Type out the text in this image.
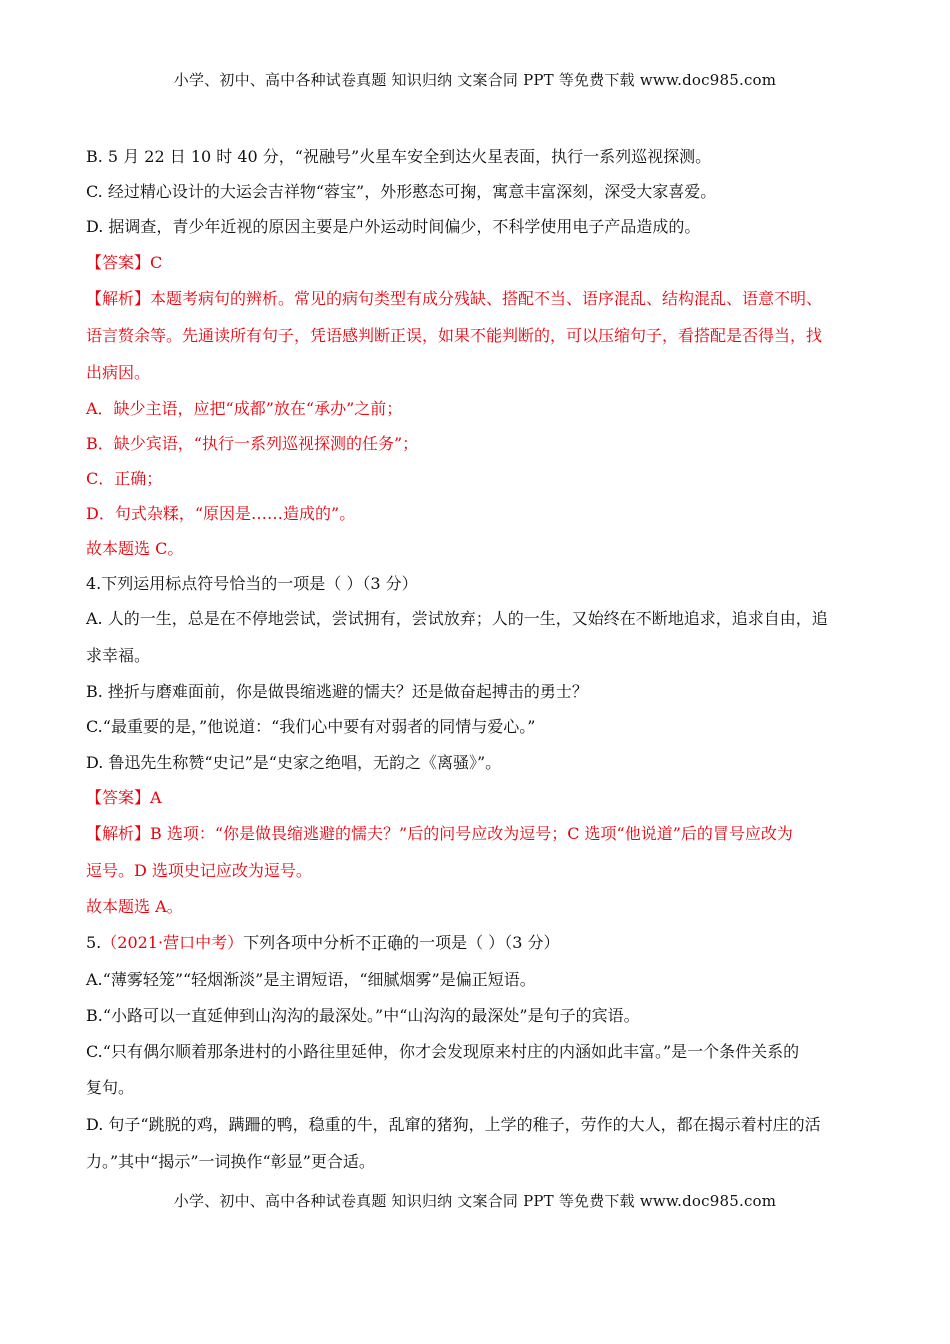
小学、初中、高中各种试卷真题 知识归纳 文案合同 PPT 等免费下载 www.doc985.com
B. 5 月 22 日 10 时 40 分，“祝融号”火星车安全到达火星表面，执行一系列巡视探测。
C. 经过精心设计的大运会吉祥物“蓉宝”，外形憨态可掬，寓意丰富深刻，深受大家喜爱。
D. 据调查，青少年近视的原因主要是户外运动时间偏少，不科学使用电子产品造成的。
【答案】C
【解析】本题考病句的辨析。常见的病句类型有成分残缺、搭配不当、语序混乱、结构混乱、语意不明、
语言赘余等。先通读所有句子，凭语感判断正误，如果不能判断的，可以压缩句子，看搭配是否得当，找
出病因。
A．缺少主语，应把“成都”放在“承办”之前；
B．缺少宾语，“执行一系列巡视探测的任务”；
C．正确；
D．句式杂糅，“原因是……造成的”。
故本题选 C。
4.下列运用标点符号恰当的一项是（ ）（3 分）
A. 人的一生，总是在不停地尝试，尝试拥有，尝试放弃；人的一生，又始终在不断地追求，追求自由，追
求幸福。
B. 挫折与磨难面前，你是做畏缩逃避的懦夫？还是做奋起搏击的勇士？
C.“最重要的是，”他说道：“我们心中要有对弱者的同情与爱心。”
D. 鲁迅先生称赞“史记”是“史家之绝唱，无韵之《离骚》”。
【答案】A
【解析】B 选项：“你是做畏缩逃避的懦夫？”后的问号应改为逗号；C 选项“他说道”后的冒号应改为
逗号。D 选项史记应改为逗号。
故本题选 A。
5.（2021·营口中考）下列各项中分析不正确的一项是（ ）（3 分）
A.“薄雾轻笼”“轻烟渐淡”是主谓短语，“细腻烟雾”是偏正短语。
B.“小路可以一直延伸到山沟沟的最深处。”中“山沟沟的最深处”是句子的宾语。
C.“只有偶尔顺着那条进村的小路往里延伸，你才会发现原来村庄的内涵如此丰富。”是一个条件关系的
复句。
D. 句子“跳脱的鸡，蹒跚的鸭，稳重的牛，乱窜的猪狗，上学的稚子，劳作的大人，都在揭示着村庄的活
力。”其中“揭示”一词换作“彰显”更合适。
小学、初中、高中各种试卷真题 知识归纳 文案合同 PPT 等免费下载 www.doc985.com
